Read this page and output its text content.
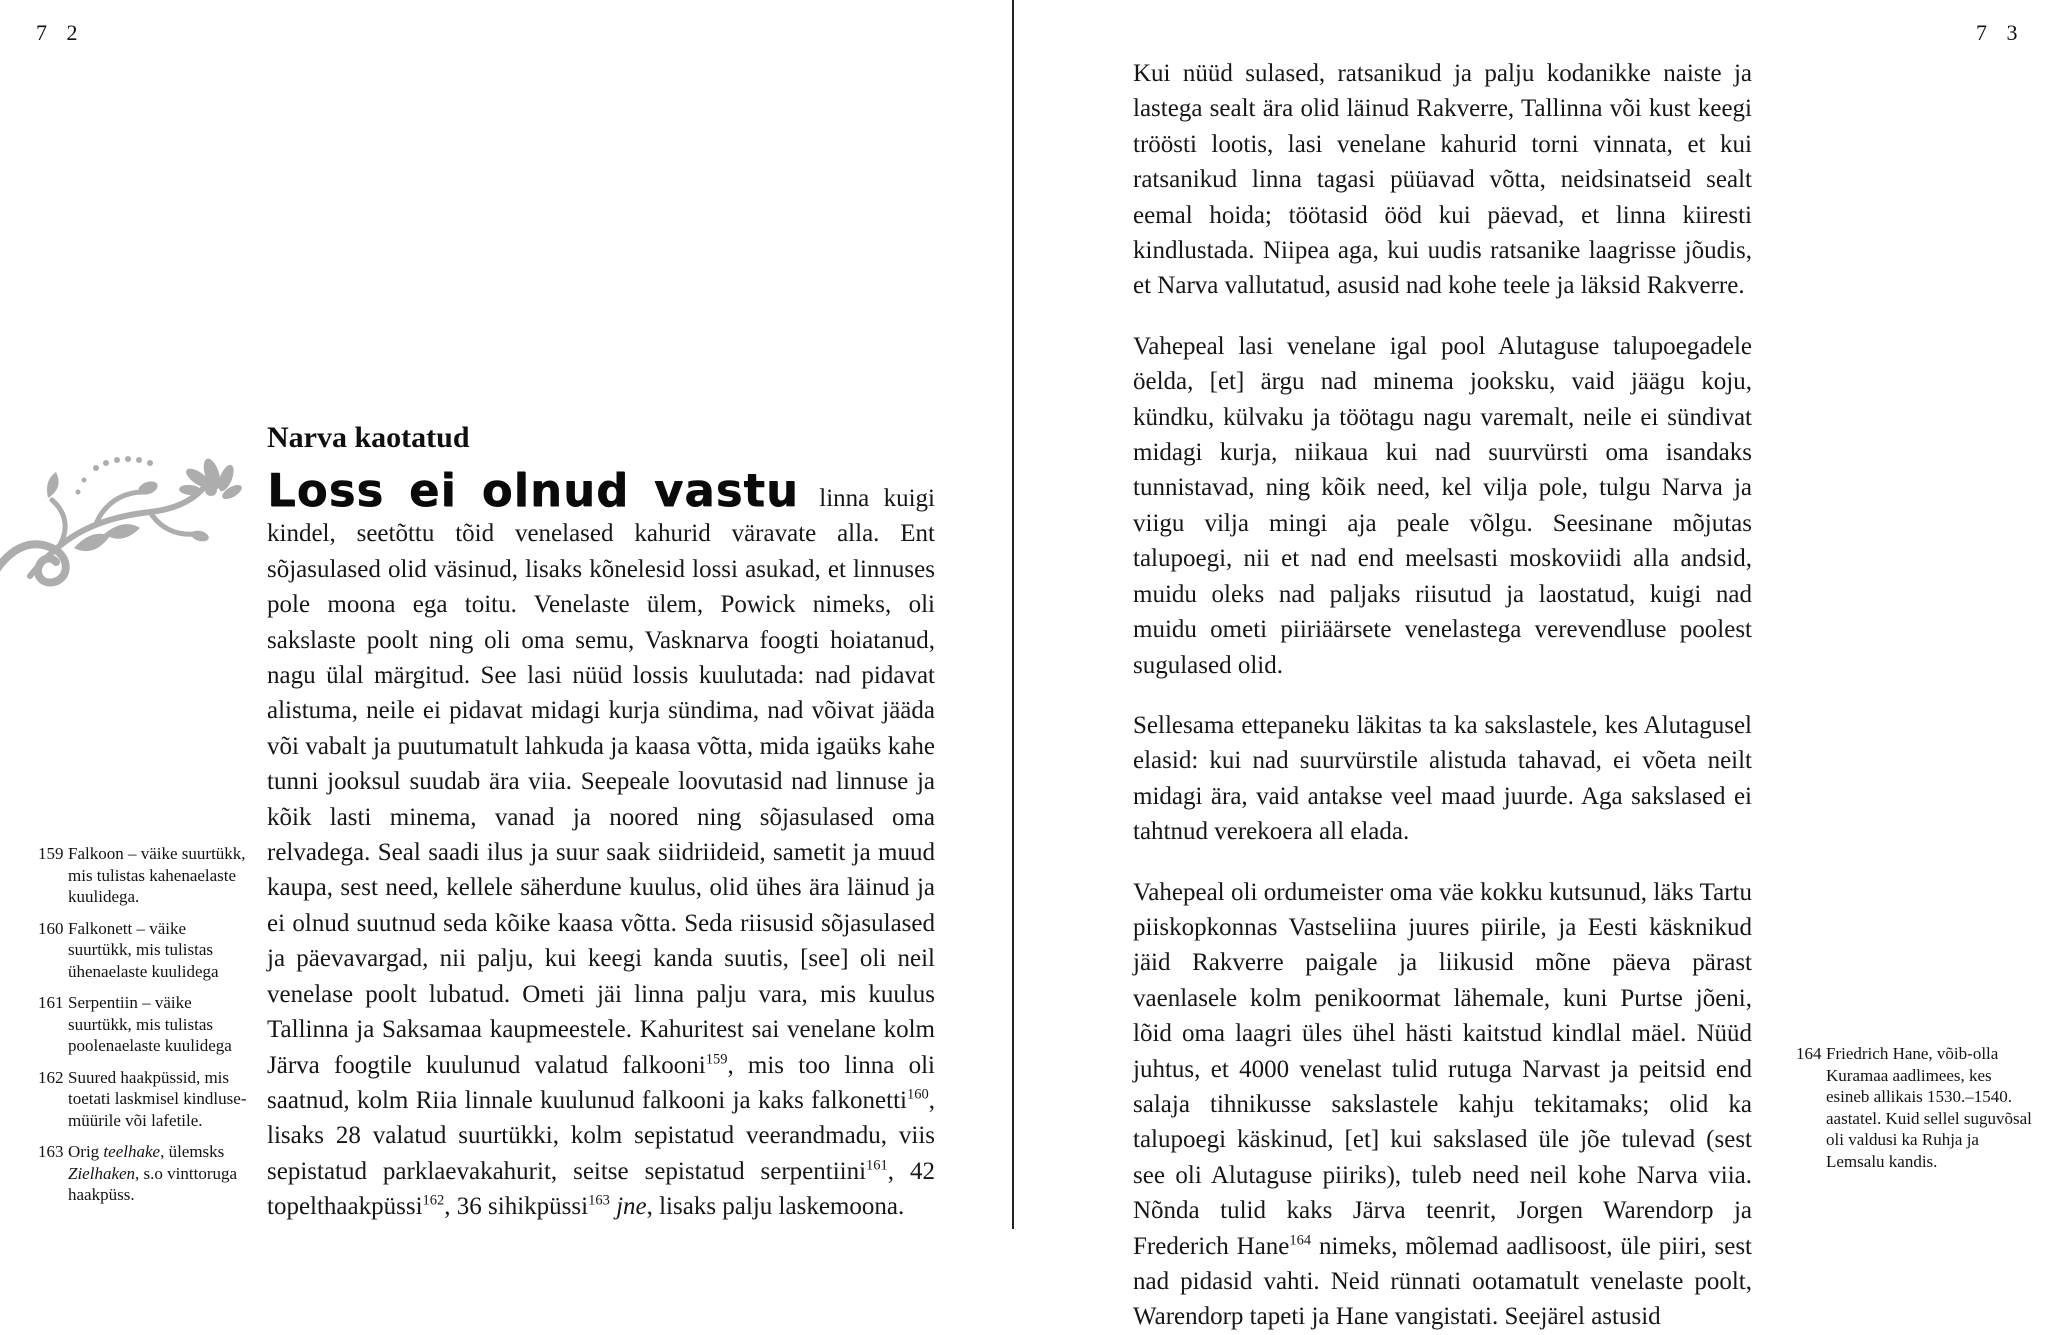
7 2	7 3
Narva kaotatud

Loss ei olnud vastu linna kuigi kindel, seetõttu tõid venelased kahurid väravate alla. Ent sõjasulased olid väsinud, lisaks kõnelesid lossi asukad, et linnuses pole moona ega toitu. Venelaste ülem, Powick nimeks, oli sakslaste poolt ning oli oma semu, Vasknarva foogti hoiatanud, nagu ülal märgitud. See lasi nüüd lossis kuulutada: nad pidavat alistuma, neile ei pidavat midagi kurja sündima, nad võivat jääda või vabalt ja puutumatult lahkuda ja kaasa võtta, mida igaüks kahe tunni jooksul suudab ära viia. Seepeale loovutasid nad linnuse ja kõik lasti minema, vanad ja noored ning sõjasulased oma relvadega. Seal saadi ilus ja suur saak siidriideid, sametit ja muud kaupa, sest need, kellele säherdune kuulus, olid ühes ära läinud ja ei olnud suutnud seda kõike kaasa võtta. Seda riisusid sõjasulased ja päevavargad, nii palju, kui keegi kanda suutis, [see] oli neil venelase poolt lubatud. Ometi jäi linna palju vara, mis kuulus Tallinna ja Saksamaa kaupmeestele. Kahuritest sai venelane kolm Järva foogtile kuulunud valatud falkooni$^{159}$, mis too linna oli saatnud, kolm Riia linnale kuulunud falkooni ja kaks falkonetti$^{160}$, lisaks 28 valatud suurtükki, kolm sepistatud veerandmadu, viis sepistatud parklaevakahurit, seitse sepistatud serpentiini$^{161}$, 42 topelthaakpüssi$^{162}$, 36 sihikpüssi$^{163}$ jne, lisaks palju laskemoona.

159 Falkoon – väike suurtükk, mis tulistas kahenaelaste kuulidega.
160 Falkonett – väike suurtükk, mis tulistas ühenaelaste kuulidega
161 Serpentiin – väike suurtükk, mis tulistas poolenaelaste kuulidega
162 Suured haakpüssid, mis toetati laskmisel kindlusemüürile või lafetile.
163 Orig teelhake, ülemsks Zielhaken, s.o vinttoruga haakpüss.

Kui nüüd sulased, ratsanikud ja palju kodanikke naiste ja lastega sealt ära olid läinud Rakverre, Tallinna või kust keegi tröösti lootis, lasi venelane kahurid torni vinnata, et kui ratsanikud linna tagasi püüavad võtta, neidsinatseid sealt eemal hoida; töötasid ööd kui päevad, et linna kiiresti kindlustada. Niipea aga, kui uudis ratsanike laagrisse jõudis, et Narva vallutatud, asusid nad kohe teele ja läksid Rakverre.

Vahepeal lasi venelane igal pool Alutaguse talupoegadele öelda, [et] ärgu nad minema jooksku, vaid jäägu koju, kündku, külvaku ja töötagu nagu varemalt, neile ei sündivat midagi kurja, niikaua kui nad suurvürsti oma isandaks tunnistavad, ning kõik need, kel vilja pole, tulgu Narva ja viigu vilja mingi aja peale võlgu. Seesinane mõjutas talupoegi, nii et nad end meelsasti moskoviidi alla andsid, muidu oleks nad paljaks riisutud ja laostatud, kuigi nad muidu ometi piiriäärsete venelastega verevendluse poolest sugulased olid.

Sellesama ettepaneku läkitas ta ka sakslastele, kes Alutagusel elasid: kui nad suurvürstile alistuda tahavad, ei võeta neilt midagi ära, vaid antakse veel maad juurde. Aga sakslased ei tahtnud verekoera all elada.

Vahepeal oli ordumeister oma väe kokku kutsunud, läks Tartu piiskopkonnas Vastseliina juures piirile, ja Eesti käsknikud jäid Rakverre paigale ja liikusid mõne päeva pärast vaenlasele kolm penikoormat lähemale, kuni Purtse jõeni, lõid oma laagri üles ühel hästi kaitstud kindlal mäel. Nüüd juhtus, et 4000 venelast tulid rutuga Narvast ja peitsid end salaja tihnikusse sakslastele kahju tekitamaks; olid ka talupoegi käskinud, [et] kui sakslased üle jõe tulevad (sest see oli Alutaguse piiriks), tuleb need neil kohe Narva viia. Nõnda tulid kaks Järva teenrit, Jorgen Warendorp ja Frederich Hane$^{164}$ nimeks, mõlemad aadlisoost, üle piiri, sest nad pidasid vahti. Neid rünnati ootamatult venelaste poolt, Warendorp tapeti ja Hane vangistati. Seejärel astusid

164 Friedrich Hane, võib-olla Kuramaa aadlimees, kes esineb allikais 1530.–1540. aastatel. Kuid sellel suguvõsal oli valdusi ka Ruhja ja Lemsalu kandis.
